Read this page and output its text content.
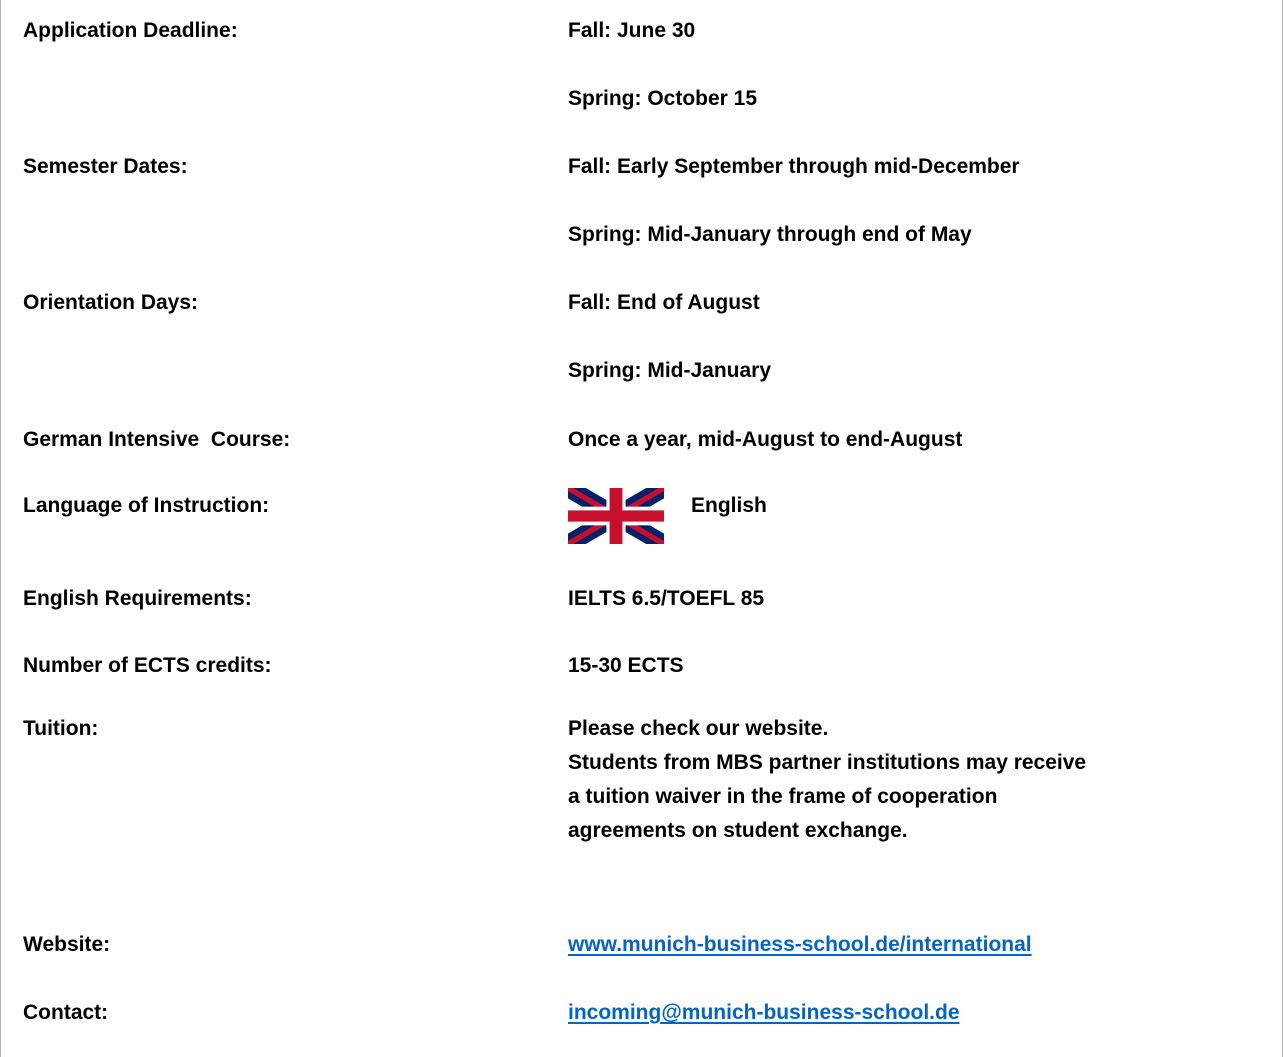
Application Deadline:	Fall: June 30
Spring: October 15
Semester Dates:	Fall: Early September through mid-December
Spring: Mid-January through end of May
Orientation Days:	Fall: End of August
Spring: Mid-January
German Intensive  Course:	Once a year, mid-August to end-August
Language of Instruction:	English
English Requirements:	IELTS 6.5/TOEFL 85
Number of ECTS credits:	15-30 ECTS
Tuition:	Please check our website.
Students from MBS partner institutions may receive
a tuition waiver in the frame of cooperation
agreements on student exchange.
Website:	www.munich-business-school.de/international
Contact:	incoming@munich-business-school.de
